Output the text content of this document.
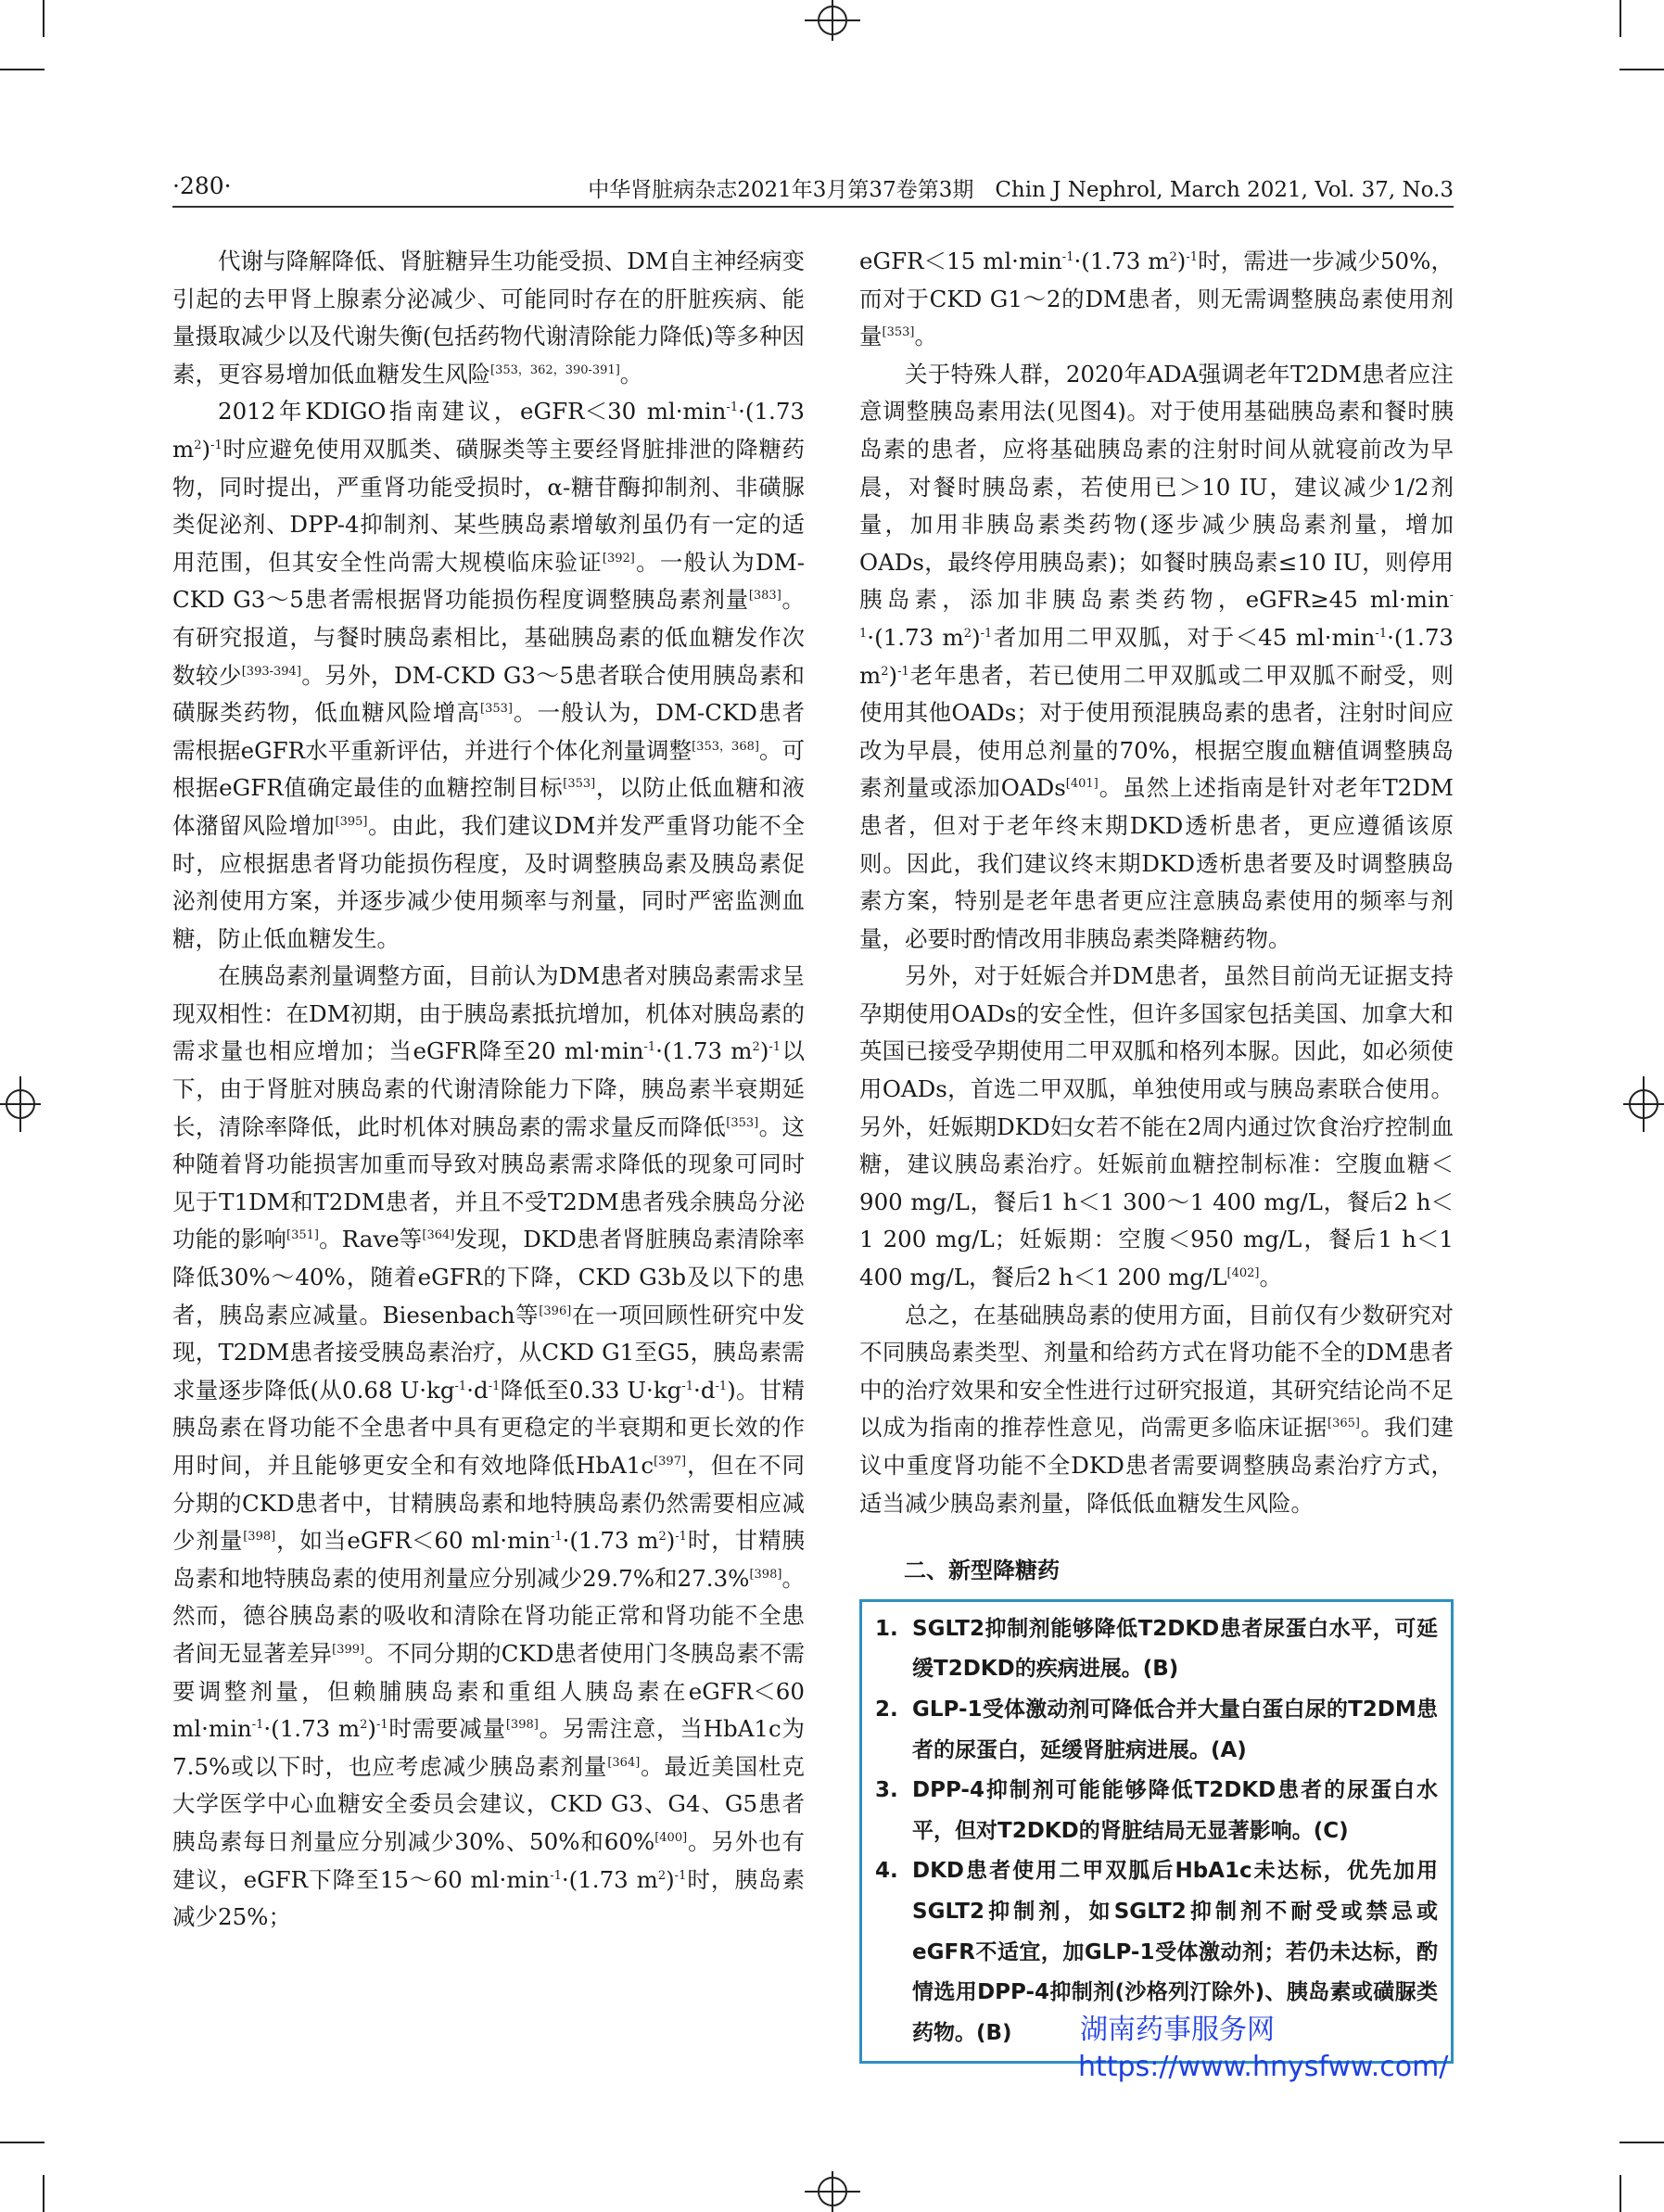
·280·	中华肾脏病杂志2021年3月第37卷第3期　Chin J Nephrol, March 2021, Vol. 37, No.3

代谢与降解降低、肾脏糖异生功能受损、DM自主神经病变引起的去甲肾上腺素分泌减少、可能同时存在的肝脏疾病、能量摄取减少以及代谢失衡(包括药物代谢清除能力降低)等多种因素，更容易增加低血糖发生风险[353，362，390-391]。

2012年KDIGO指南建议，eGFR＜30 $ml\cdot\min^{-1}\cdot(1.73$ $m^2)^{-1}$时应避免使用双胍类、磺脲类等主要经肾脏排泄的降糖药物，同时提出，严重肾功能受损时，α-糖苷酶抑制剂、非磺脲类促泌剂、DPP-4抑制剂、某些胰岛素增敏剂虽仍有一定的适用范围，但其安全性尚需大规模临床验证[392]。一般认为DM-CKD G3～5患者需根据肾功能损伤程度调整胰岛素剂量[383]。有研究报道，与餐时胰岛素相比，基础胰岛素的低血糖发作次数较少[393-394]。另外，DM-CKD G3～5患者联合使用胰岛素和磺脲类药物，低血糖风险增高[353]。一般认为，DM-CKD患者需根据eGFR水平重新评估，并进行个体化剂量调整[353，368]。可根据eGFR值确定最佳的血糖控制目标[353]，以防止低血糖和液体潴留风险增加[395]。由此，我们建议DM并发严重肾功能不全时，应根据患者肾功能损伤程度，及时调整胰岛素及胰岛素促泌剂使用方案，并逐步减少使用频率与剂量，同时严密监测血糖，防止低血糖发生。

在胰岛素剂量调整方面，目前认为DM患者对胰岛素需求呈现双相性：在DM初期，由于胰岛素抵抗增加，机体对胰岛素的需求量也相应增加；当eGFR降至20 $ml\cdot\min^{-1}\cdot(1.73$ $m^2)^{-1}$以下，由于肾脏对胰岛素的代谢清除能力下降，胰岛素半衰期延长，清除率降低，此时机体对胰岛素的需求量反而降低[353]。这种随着肾功能损害加重而导致对胰岛素需求降低的现象可同时见于T1DM和T2DM患者，并且不受T2DM患者残余胰岛分泌功能的影响[351]。Rave等[364]发现，DKD患者肾脏胰岛素清除率降低30%～40%，随着eGFR的下降，CKD G3b及以下的患者，胰岛素应减量。Biesenbach等[396]在一项回顾性研究中发现，T2DM患者接受胰岛素治疗，从CKD G1至G5，胰岛素需求量逐步降低(从0.68 $U\cdot kg^{-1}\cdot d^{-1}$降低至0.33 $U\cdot kg^{-1}\cdot d^{-1}$)。甘精胰岛素在肾功能不全患者中具有更稳定的半衰期和更长效的作用时间，并且能够更安全和有效地降低HbA1c[397]，但在不同分期的CKD患者中，甘精胰岛素和地特胰岛素仍然需要相应减少剂量[398]，如当eGFR＜60 $ml\cdot\min^{-1}\cdot(1.73$ $m^2)^{-1}$时，甘精胰岛素和地特胰岛素的使用剂量应分别减少29.7%和27.3%[398]。然而，德谷胰岛素的吸收和清除在肾功能正常和肾功能不全患者间无显著差异[399]。不同分期的CKD患者使用门冬胰岛素不需要调整剂量，但赖脯胰岛素和重组人胰岛素在eGFR＜60 $ml\cdot\min^{-1}\cdot(1.73$ $m^2)^{-1}$时需要减量[398]。另需注意，当HbA1c为7.5%或以下时，也应考虑减少胰岛素剂量[364]。最近美国杜克大学医学中心血糖安全委员会建议，CKD G3、G4、G5患者胰岛素每日剂量应分别减少30%、50%和60%[400]。另外也有建议，eGFR下降至15～60 $ml\cdot\min^{-1}\cdot(1.73$ $m^2)^{-1}$时，胰岛素减少25%；

eGFR＜15 $ml\cdot\min^{-1}\cdot(1.73$ $m^2)^{-1}$时，需进一步减少50%，而对于CKD G1～2的DM患者，则无需调整胰岛素使用剂量[353]。

关于特殊人群，2020年ADA强调老年T2DM患者应注意调整胰岛素用法(见图4)。对于使用基础胰岛素和餐时胰岛素的患者，应将基础胰岛素的注射时间从就寝前改为早晨，对餐时胰岛素，若使用已＞10 IU，建议减少1/2剂量，加用非胰岛素类药物(逐步减少胰岛素剂量，增加OADs，最终停用胰岛素)；如餐时胰岛素≤10 IU，则停用胰岛素，添加非胰岛素类药物，eGFR≥45 $ml\cdot\min^{-1}\cdot(1.73$ $m^2)^{-1}$者加用二甲双胍，对于＜45 $ml\cdot\min^{-1}\cdot(1.73$ $m^2)^{-1}$老年患者，若已使用二甲双胍或二甲双胍不耐受，则使用其他OADs；对于使用预混胰岛素的患者，注射时间应改为早晨，使用总剂量的70%，根据空腹血糖值调整胰岛素剂量或添加OADs[401]。虽然上述指南是针对老年T2DM患者，但对于老年终末期DKD透析患者，更应遵循该原则。因此，我们建议终末期DKD透析患者要及时调整胰岛素方案，特别是老年患者更应注意胰岛素使用的频率与剂量，必要时酌情改用非胰岛素类降糖药物。

另外，对于妊娠合并DM患者，虽然目前尚无证据支持孕期使用OADs的安全性，但许多国家包括美国、加拿大和英国已接受孕期使用二甲双胍和格列本脲。因此，如必须使用OADs，首选二甲双胍，单独使用或与胰岛素联合使用。另外，妊娠期DKD妇女若不能在2周内通过饮食治疗控制血糖，建议胰岛素治疗。妊娠前血糖控制标准：空腹血糖＜900 mg/L，餐后1 h＜1 300～1 400 mg/L，餐后2 h＜1 200 mg/L；妊娠期：空腹＜950 mg/L，餐后1 h＜1 400 mg/L，餐后2 h＜1 200 mg/L[402]。

总之，在基础胰岛素的使用方面，目前仅有少数研究对不同胰岛素类型、剂量和给药方式在肾功能不全的DM患者中的治疗效果和安全性进行过研究报道，其研究结论尚不足以成为指南的推荐性意见，尚需更多临床证据[365]。我们建议中重度肾功能不全DKD患者需要调整胰岛素治疗方式，适当减少胰岛素剂量，降低低血糖发生风险。

二、新型降糖药
1. SGLT2抑制剂能够降低T2DKD患者尿蛋白水平，可延缓T2DKD的疾病进展。(B)
2. GLP-1受体激动剂可降低合并大量白蛋白尿的T2DM患者的尿蛋白，延缓肾脏病进展。(A)
3. DPP-4抑制剂可能能够降低T2DKD患者的尿蛋白水平，但对T2DKD的肾脏结局无显著影响。(C)
4. DKD患者使用二甲双胍后HbA1c未达标，优先加用SGLT2抑制剂，如SGLT2抑制剂不耐受或禁忌或eGFR不适宜，加GLP-1受体激动剂；若仍未达标，酌情选用DPP-4抑制剂(沙格列汀除外)、胰岛素或磺脲类药物。(B)	湖南药事服务网
https://www.hnysfww.com/
